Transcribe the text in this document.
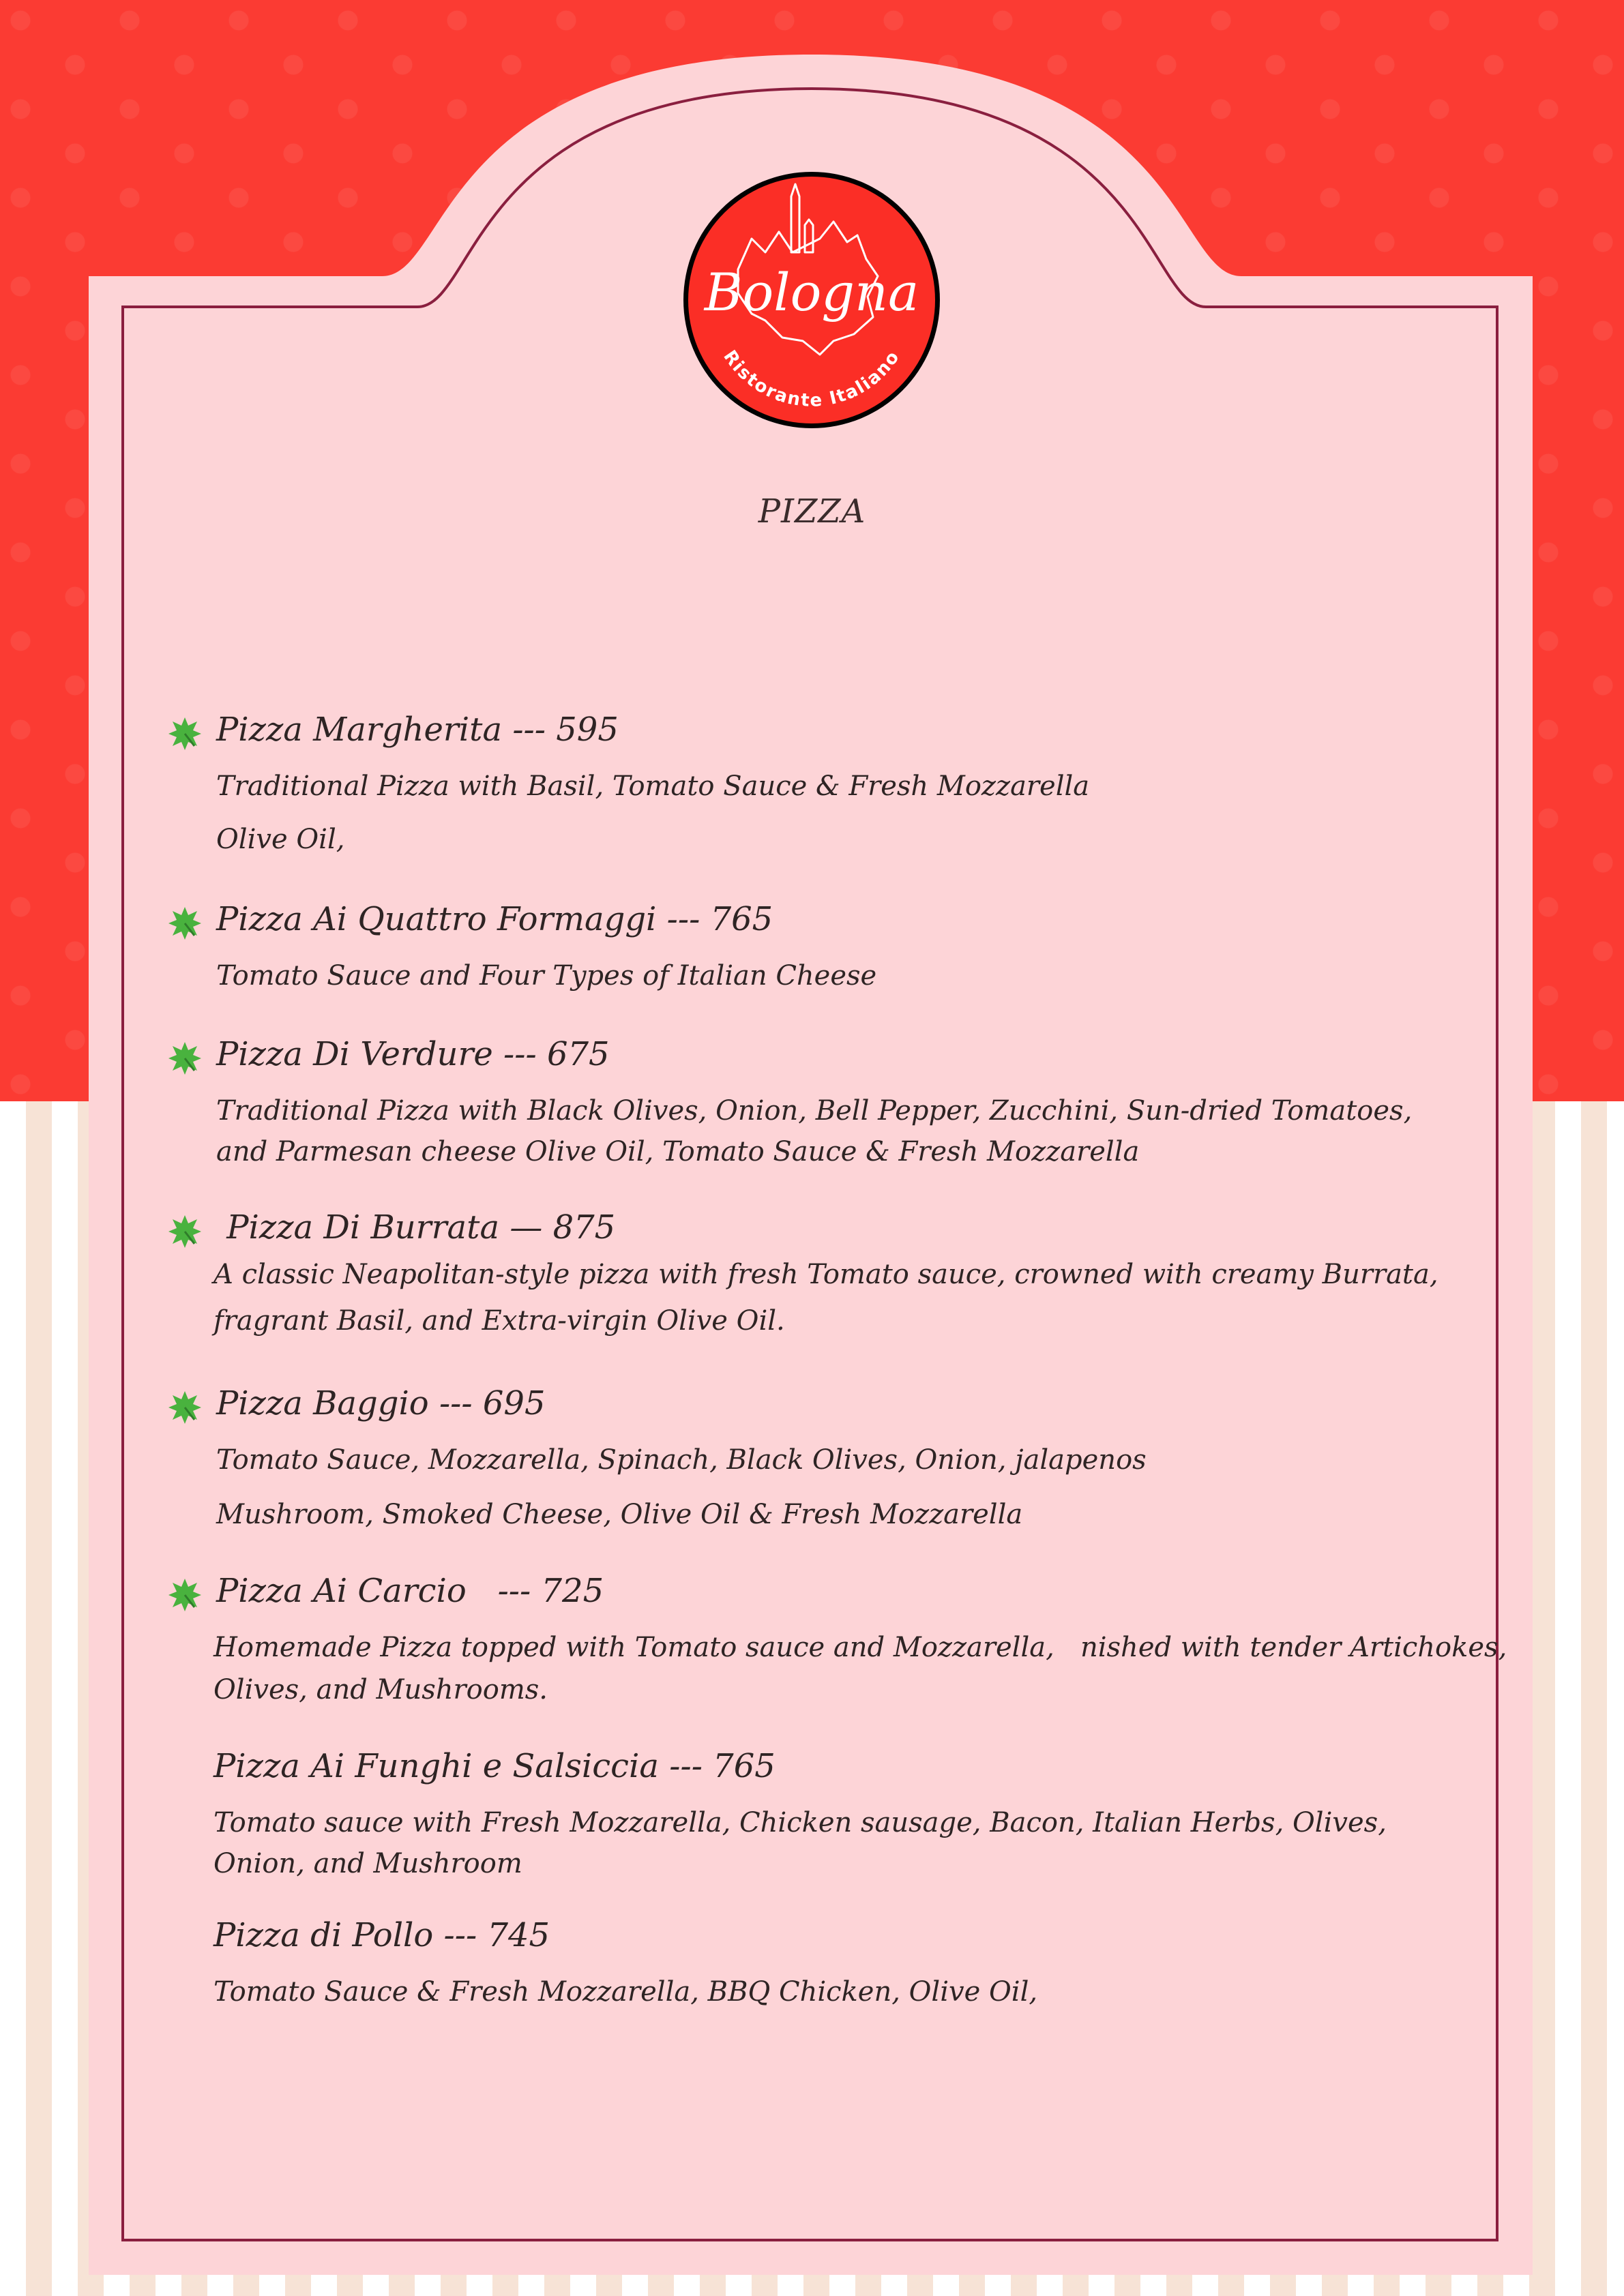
Bologna
Ristorante Italiano
PIZZA
Pizza Margherita --- 595
Traditional Pizza with Basil, Tomato Sauce & Fresh Mozzarella
Olive Oil,
Pizza Ai Quattro Formaggi --- 765
Tomato Sauce and Four Types of Italian Cheese
Pizza Di Verdure --- 675
Traditional Pizza with Black Olives, Onion, Bell Pepper, Zucchini, Sun-dried Tomatoes,
and Parmesan cheese Olive Oil, Tomato Sauce & Fresh Mozzarella
Pizza Di Burrata — 875
A classic Neapolitan-style pizza with fresh Tomato sauce, crowned with creamy Burrata,
fragrant Basil, and Extra-virgin Olive Oil.
Pizza Baggio --- 695
Tomato Sauce, Mozzarella, Spinach, Black Olives, Onion, jalapenos
Mushroom, Smoked Cheese, Olive Oil & Fresh Mozzarella
Pizza Ai Carcio   --- 725
Homemade Pizza topped with Tomato sauce and Mozzarella,   nished with tender Artichokes,
Olives, and Mushrooms.
Pizza Ai Funghi e Salsiccia --- 765
Tomato sauce with Fresh Mozzarella, Chicken sausage, Bacon, Italian Herbs, Olives,
Onion, and Mushroom
Pizza di Pollo --- 745
Tomato Sauce & Fresh Mozzarella, BBQ Chicken, Olive Oil,
